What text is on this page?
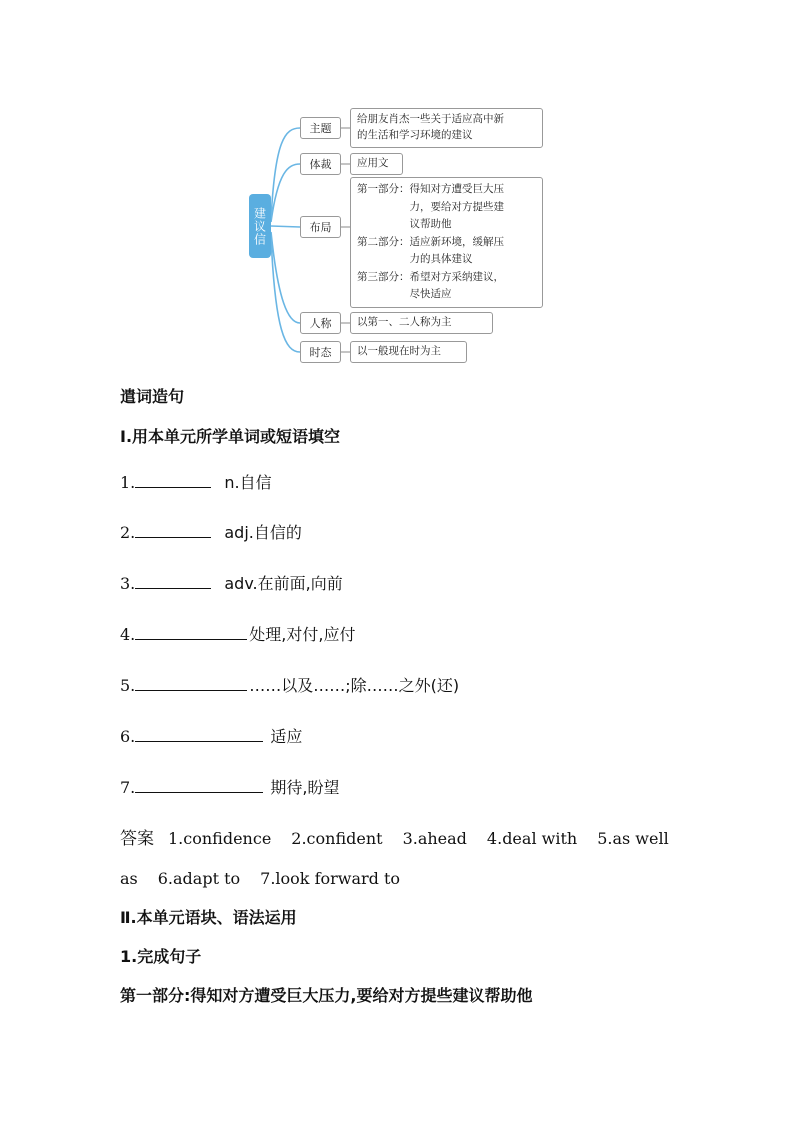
建议信
主题
给朋友肖杰一些关于适应高中新
的生活和学习环境的建议
体裁	应用文
布局
第一部分： 得知对方遭受巨大压
力，要给对方提些建
议帮助他
第二部分： 适应新环境，缓解压
力的具体建议
第三部分： 希望对方采纳建议，
尽快适应
人称	以第一、二人称为主
时态	以一般现在时为主
遣词造句
Ⅰ.用本单元所学单词或短语填空
1.	n.自信
2.	adj.自信的
3.	adv.在前面,向前
4.	处理,对付,应付
5.	……以及……;除……之外(还)
6.	适应
7.	期待,盼望
答案 1.confidence 2.confident 3.ahead 4.deal with 5.as well
as 6.adapt to 7.look forward to
Ⅱ.本单元语块、语法运用
1.完成句子
第一部分:得知对方遭受巨大压力,要给对方提些建议帮助他
